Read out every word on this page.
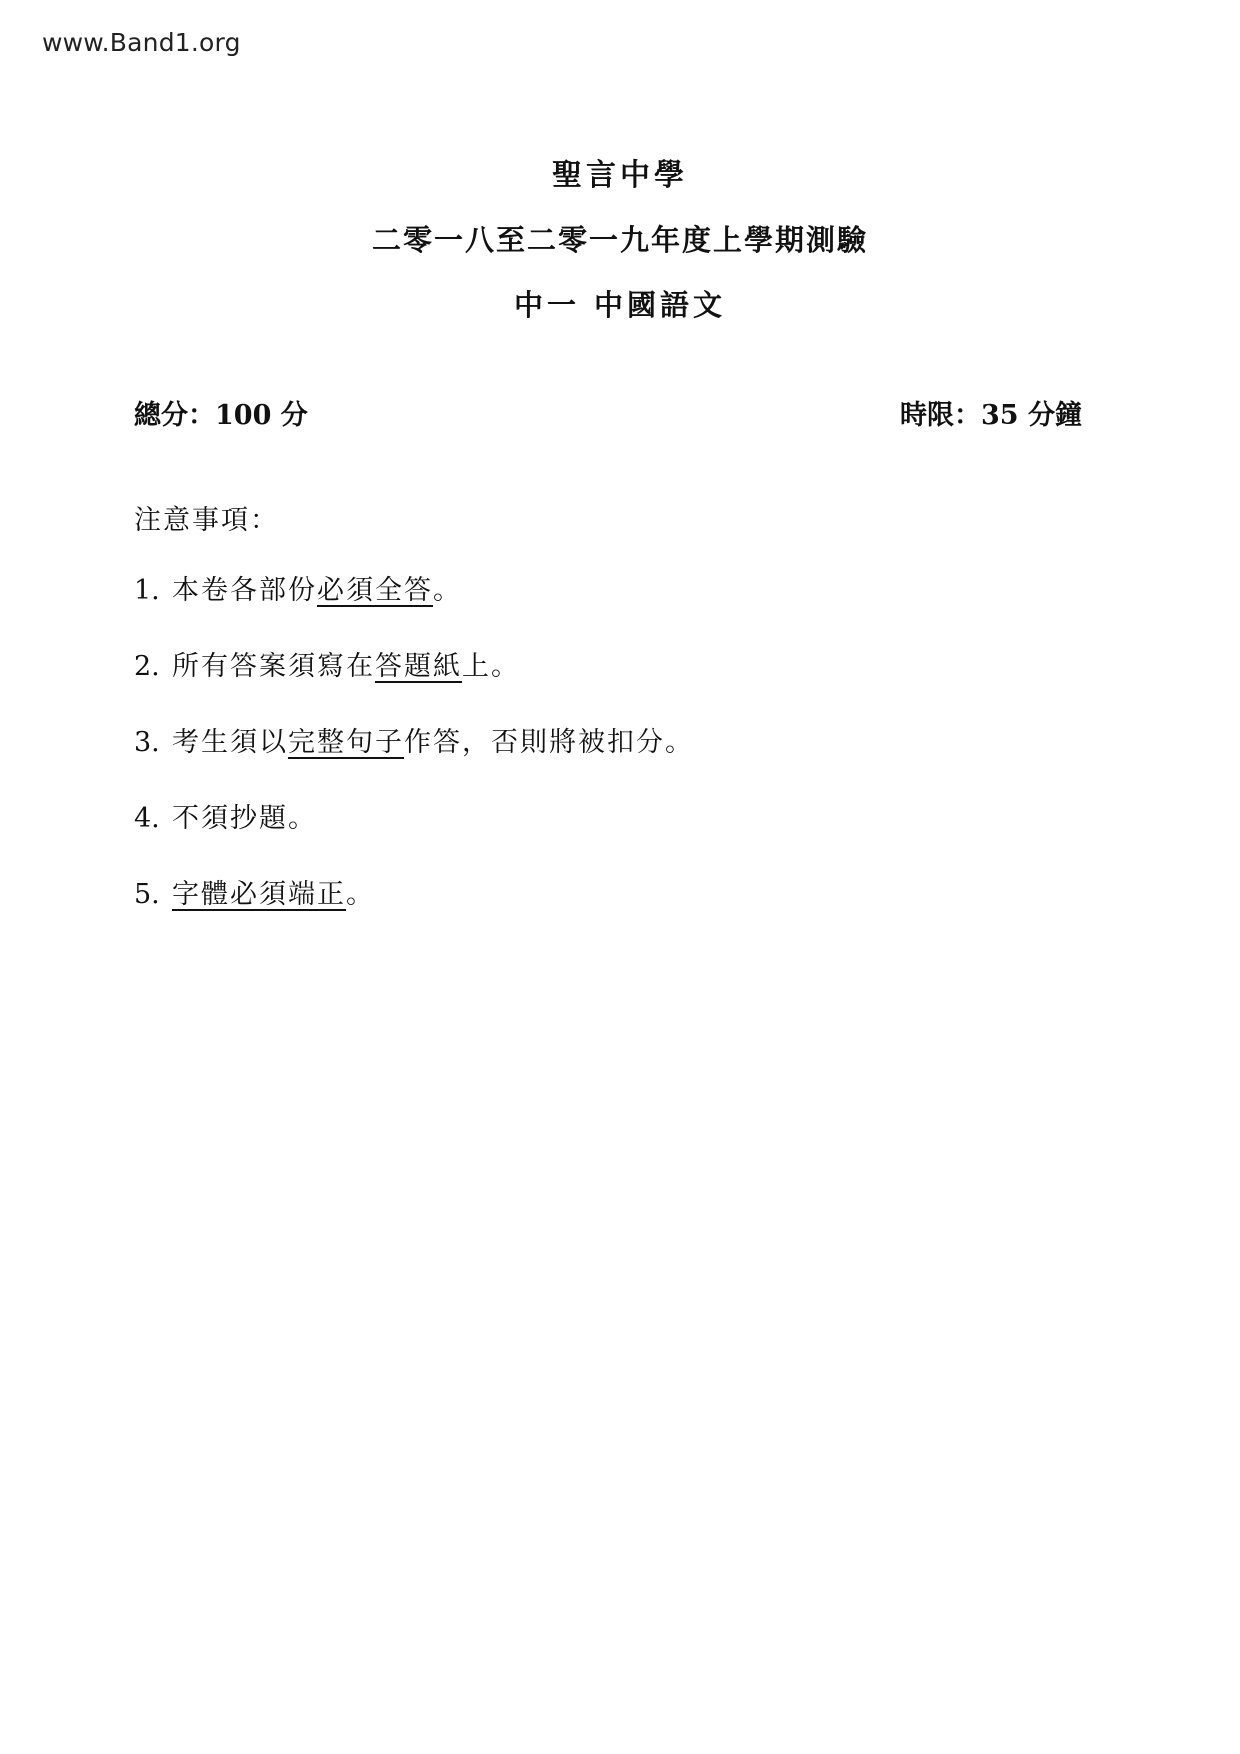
www.Band1.org
聖言中學
二零一八至二零一九年度上學期測驗
中一 中國語文
總分：100 分	時限：35 分鐘
注意事項：
1. 本卷各部份必須全答。
2. 所有答案須寫在答題紙上。
3. 考生須以完整句子作答，否則將被扣分。
4. 不須抄題。
5. 字體必須端正。
